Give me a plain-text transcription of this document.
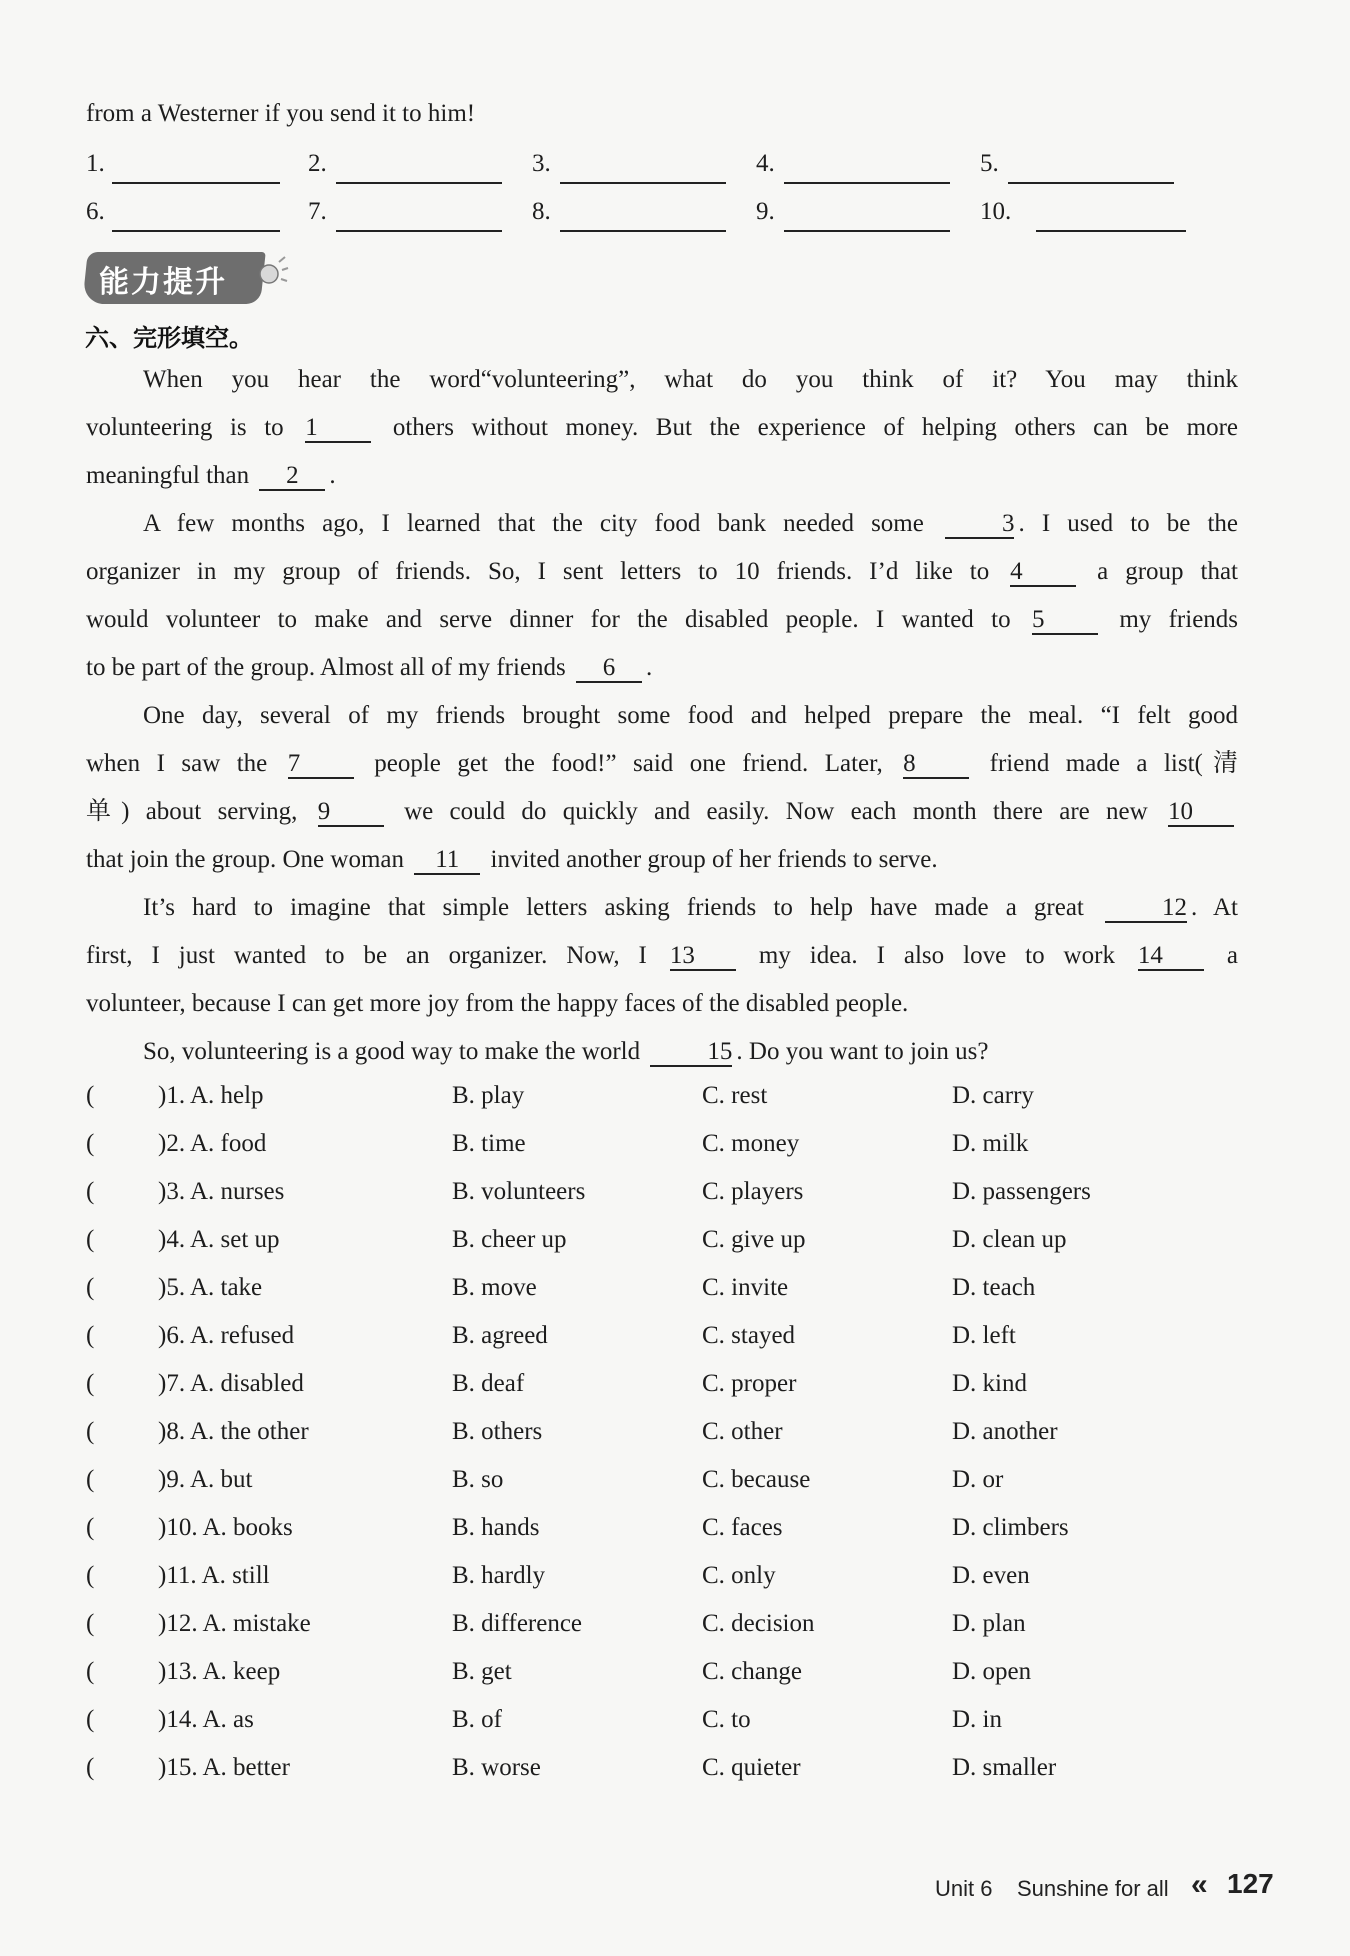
from a Westerner if you send it to him!
1.	2.	3.	4.	5.
6.	7.	8.	9.	10.
能力提升
六、完形填空。
When you hear the word“volunteering”, what do you think of it? You may think
volunteering is to 1	others without money. But the experience of helping others can be more
meaningful than 2 .
A few months ago, I learned that the city food bank needed some	3 . I used to be the
organizer in my group of friends. So, I sent letters to 10 friends. I’d like to 4	a group that
would volunteer to make and serve dinner for the disabled people. I wanted to 5	my friends
to be part of the group. Almost all of my friends 6 .
One day, several of my friends brought some food and helped prepare the meal. “I felt good
when I saw the 7	people get the food!” said one friend. Later, 8	friend made a list(清
单) about serving, 9	we could do quickly and easily. Now each month there are new 10
that join the group. One woman 11 invited another group of her friends to serve.
It’s hard to imagine that simple letters asking friends to help have made a great	12 . At
first, I just wanted to be an organizer. Now, I 13	my idea. I also love to work 14	a
volunteer, because I can get more joy from the happy faces of the disabled people.
So, volunteering is a good way to make the world	15 . Do you want to join us?
(	)1. A. help	B. play	C. rest	D. carry
(	)2. A. food	B. time	C. money	D. milk
(	)3. A. nurses	B. volunteers	C. players	D. passengers
(	)4. A. set up	B. cheer up	C. give up	D. clean up
(	)5. A. take	B. move	C. invite	D. teach
(	)6. A. refused	B. agreed	C. stayed	D. left
(	)7. A. disabled	B. deaf	C. proper	D. kind
(	)8. A. the other	B. others	C. other	D. another
(	)9. A. but	B. so	C. because	D. or
(	)10. A. books	B. hands	C. faces	D. climbers
(	)11. A. still	B. hardly	C. only	D. even
(	)12. A. mistake	B. difference	C. decision	D. plan
(	)13. A. keep	B. get	C. change	D. open
(	)14. A. as	B. of	C. to	D. in
(	)15. A. better	B. worse	C. quieter	D. smaller
Unit 6 Sunshine for all « 127
